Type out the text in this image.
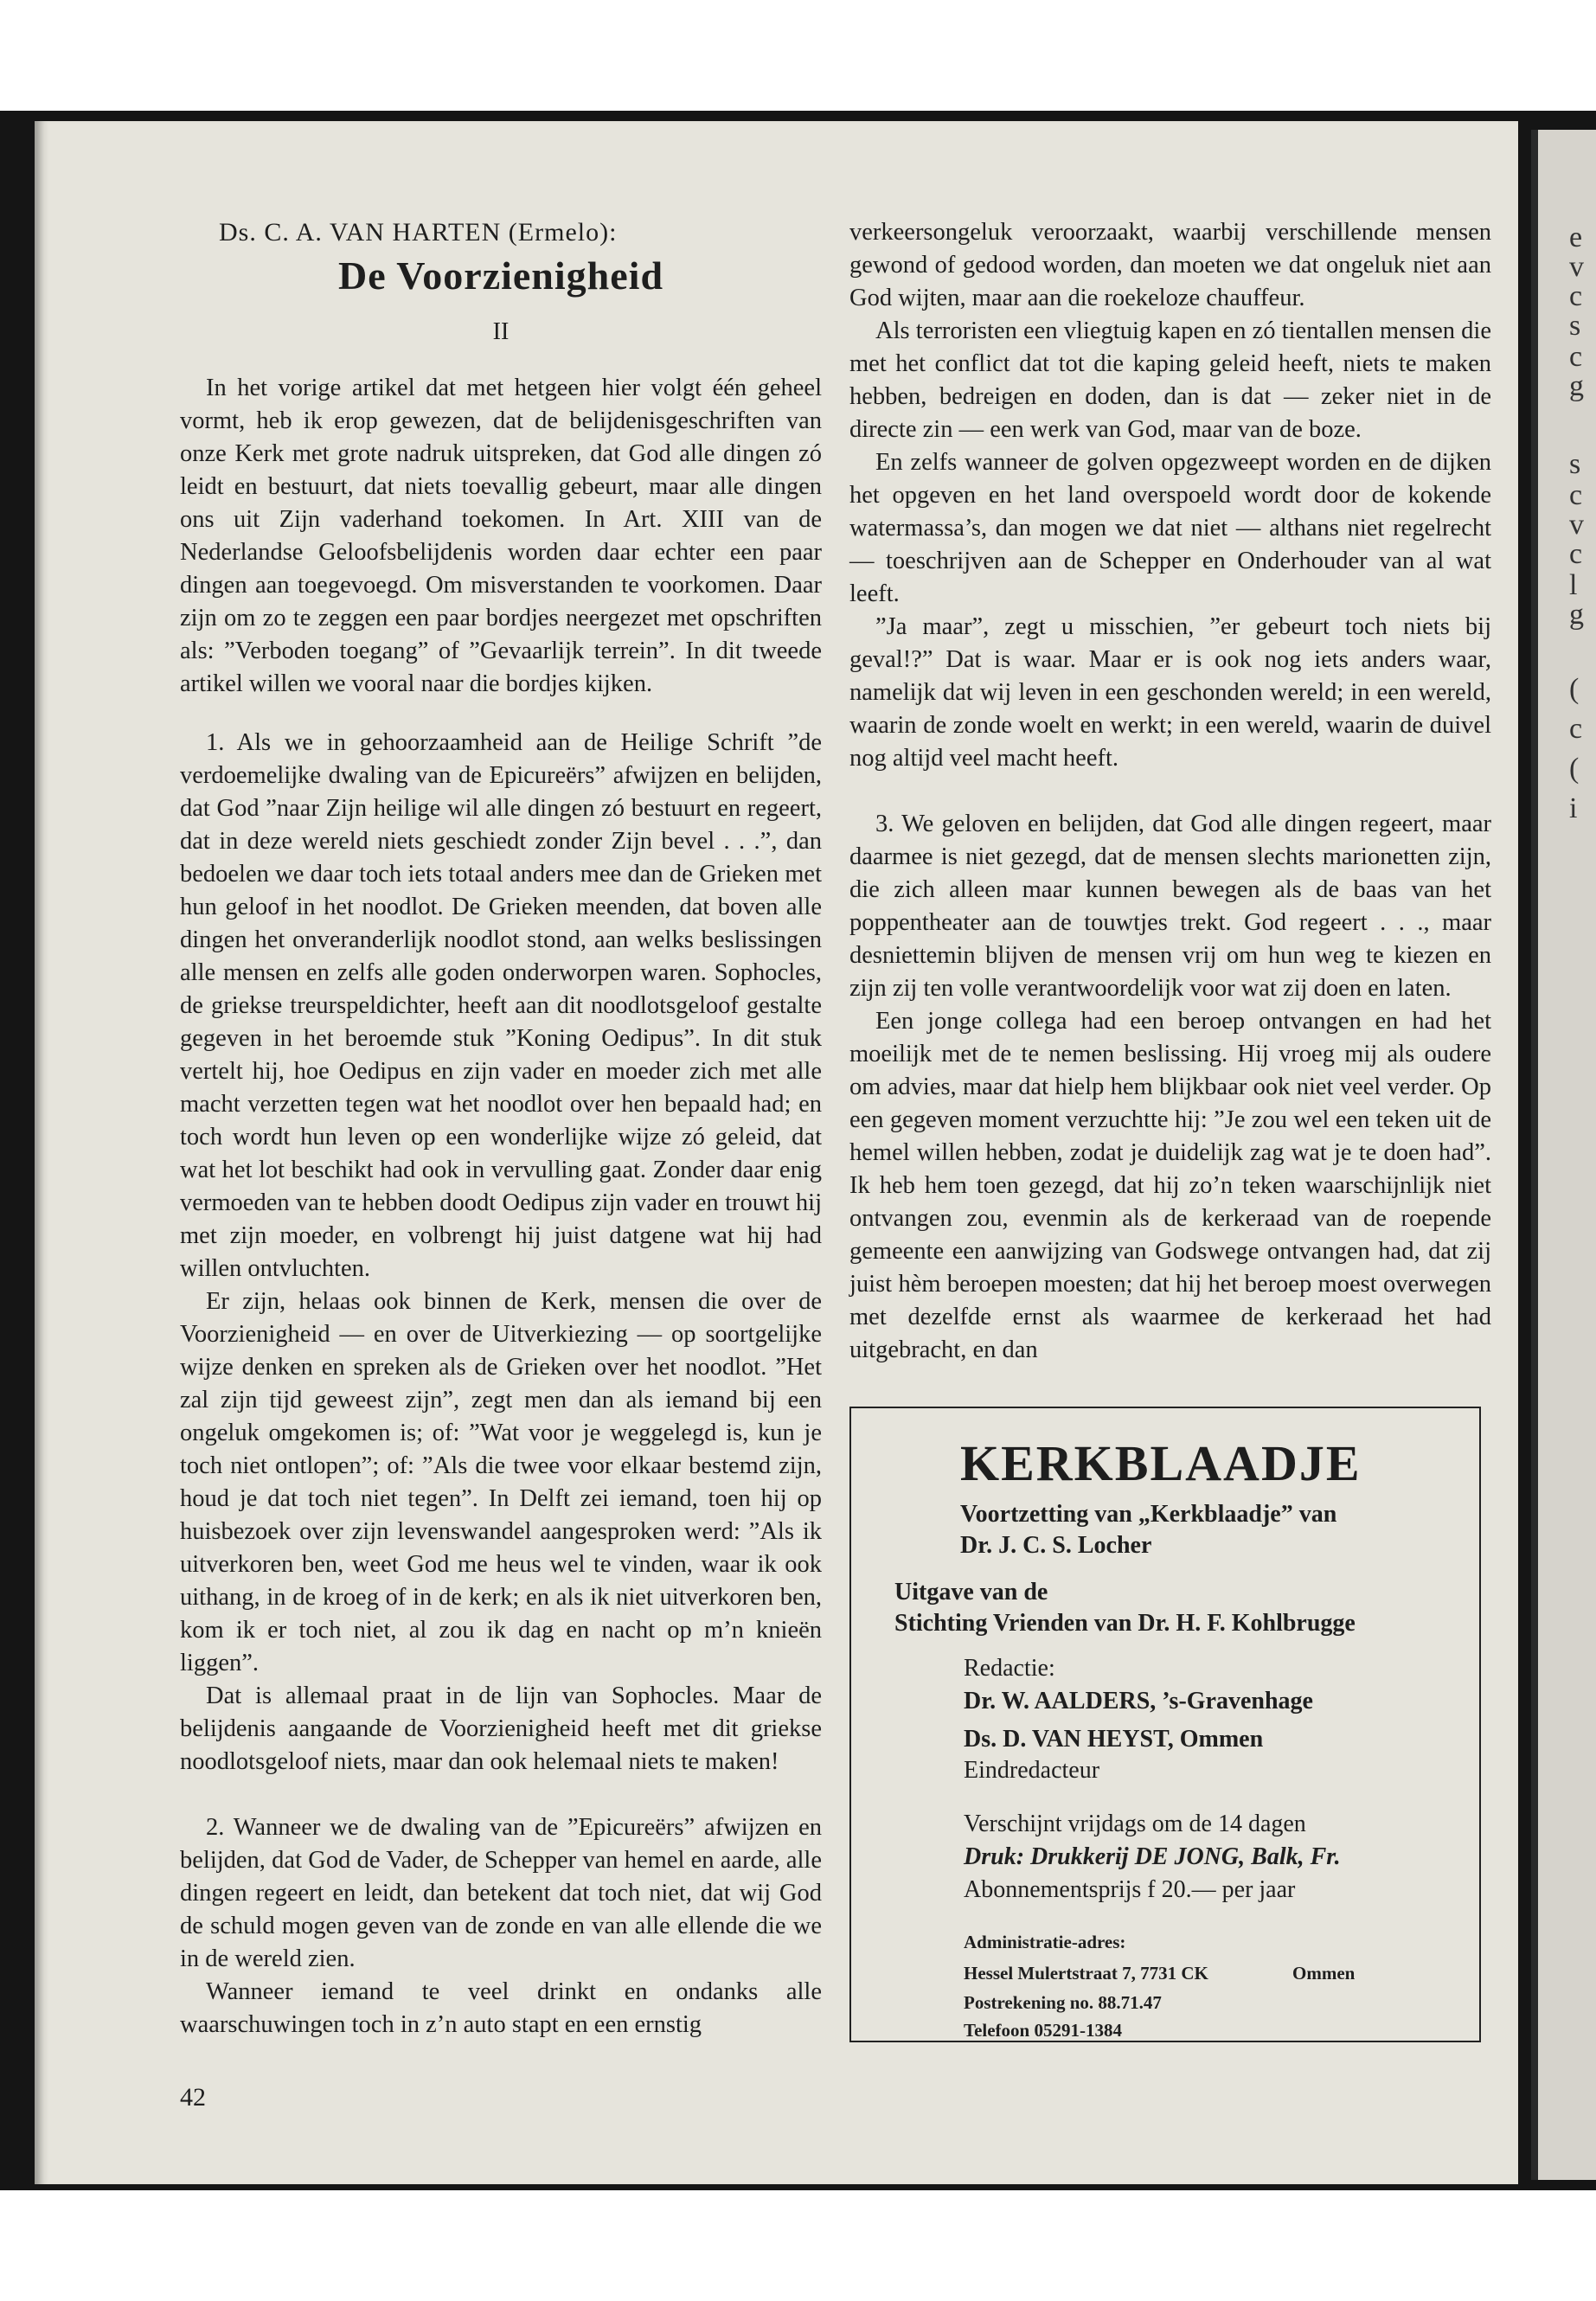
e
v
c
s
c
g
s
c
v
c
l
g
(
c
(
i
Ds. C. A. VAN HARTEN (Ermelo):
De Voorzienigheid
II

In het vorige artikel dat met hetgeen hier volgt één geheel vormt, heb ik erop gewezen, dat de belijdenisgeschriften van onze Kerk met grote nadruk uitspreken, dat God alle dingen zó leidt en bestuurt, dat niets toevallig gebeurt, maar alle dingen ons uit Zijn vaderhand toekomen. In Art. XIII van de Nederlandse Geloofsbelijdenis worden daar echter een paar dingen aan toegevoegd. Om misverstanden te voorkomen. Daar zijn om zo te zeggen een paar bordjes neergezet met opschriften als: ”Verboden toegang” of ”Gevaarlijk terrein”. In dit tweede artikel willen we vooral naar die bordjes kijken.

1. Als we in gehoorzaamheid aan de Heilige Schrift ”de verdoemelijke dwaling van de Epicureërs” afwijzen en belijden, dat God ”naar Zijn heilige wil alle dingen zó bestuurt en regeert, dat in deze wereld niets geschiedt zonder Zijn bevel . . .”, dan bedoelen we daar toch iets totaal anders mee dan de Grieken met hun geloof in het noodlot. De Grieken meenden, dat boven alle dingen het onveranderlijk noodlot stond, aan welks beslissingen alle mensen en zelfs alle goden onderworpen waren. Sophocles, de griekse treurspeldichter, heeft aan dit noodlotsgeloof gestalte gegeven in het beroemde stuk ”Koning Oedipus”. In dit stuk vertelt hij, hoe Oedipus en zijn vader en moeder zich met alle macht verzetten tegen wat het noodlot over hen bepaald had; en toch wordt hun leven op een wonderlijke wijze zó geleid, dat wat het lot beschikt had ook in vervulling gaat. Zonder daar enig vermoeden van te hebben doodt Oedipus zijn vader en trouwt hij met zijn moeder, en volbrengt hij juist datgene wat hij had willen ontvluchten.

Er zijn, helaas ook binnen de Kerk, mensen die over de Voorzienigheid — en over de Uitverkiezing — op soortgelijke wijze denken en spreken als de Grieken over het noodlot. ”Het zal zijn tijd geweest zijn”, zegt men dan als iemand bij een ongeluk omgekomen is; of: ”Wat voor je weggelegd is, kun je toch niet ontlopen”; of: ”Als die twee voor elkaar bestemd zijn, houd je dat toch niet tegen”. In Delft zei iemand, toen hij op huisbezoek over zijn levenswandel aangesproken werd: ”Als ik uitverkoren ben, weet God me heus wel te vinden, waar ik ook uithang, in de kroeg of in de kerk; en als ik niet uitverkoren ben, kom ik er toch niet, al zou ik dag en nacht op m’n knieën liggen”.

Dat is allemaal praat in de lijn van Sophocles. Maar de belijdenis aangaande de Voorzienigheid heeft met dit griekse noodlotsgeloof niets, maar dan ook helemaal niets te maken!

2. Wanneer we de dwaling van de ”Epicureërs” afwijzen en belijden, dat God de Vader, de Schepper van hemel en aarde, alle dingen regeert en leidt, dan betekent dat toch niet, dat wij God de schuld mogen geven van de zonde en van alle ellende die we in de wereld zien.

Wanneer iemand te veel drinkt en ondanks alle waarschuwingen toch in z’n auto stapt en een ernstig

42

verkeersongeluk veroorzaakt, waarbij verschillende mensen gewond of gedood worden, dan moeten we dat ongeluk niet aan God wijten, maar aan die roekeloze chauffeur.

Als terroristen een vliegtuig kapen en zó tientallen mensen die met het conflict dat tot die kaping geleid heeft, niets te maken hebben, bedreigen en doden, dan is dat — zeker niet in de directe zin — een werk van God, maar van de boze.

En zelfs wanneer de golven opgezweept worden en de dijken het opgeven en het land overspoeld wordt door de kokende watermassa’s, dan mogen we dat niet — althans niet regelrecht — toeschrijven aan de Schepper en Onderhouder van al wat leeft.

”Ja maar”, zegt u misschien, ”er gebeurt toch niets bij geval!?” Dat is waar. Maar er is ook nog iets anders waar, namelijk dat wij leven in een geschonden wereld; in een wereld, waarin de zonde woelt en werkt; in een wereld, waarin de duivel nog altijd veel macht heeft.

3. We geloven en belijden, dat God alle dingen regeert, maar daarmee is niet gezegd, dat de mensen slechts marionetten zijn, die zich alleen maar kunnen bewegen als de baas van het poppentheater aan de touwtjes trekt. God regeert . . ., maar desniettemin blijven de mensen vrij om hun weg te kiezen en zijn zij ten volle verantwoordelijk voor wat zij doen en laten.

Een jonge collega had een beroep ontvangen en had het moeilijk met de te nemen beslissing. Hij vroeg mij als oudere om advies, maar dat hielp hem blijkbaar ook niet veel verder. Op een gegeven moment verzuchtte hij: ”Je zou wel een teken uit de hemel willen hebben, zodat je duidelijk zag wat je te doen had”. Ik heb hem toen gezegd, dat hij zo’n teken waarschijnlijk niet ontvangen zou, evenmin als de kerkeraad van de roepende gemeente een aanwijzing van Godswege ontvangen had, dat zij juist hèm beroepen moesten; dat hij het beroep moest overwegen met dezelfde ernst als waarmee de kerkeraad het had uitgebracht, en dan

KERKBLAADJE
Voortzetting van „Kerkblaadje” van
Dr. J. C. S. Locher
Uitgave van de
Stichting Vrienden van Dr. H. F. Kohlbrugge
Redactie:
Dr. W. AALDERS, ’s-Gravenhage
Ds. D. VAN HEYST, Ommen
Eindredacteur
Verschijnt vrijdags om de 14 dagen
Druk: Drukkerij DE JONG, Balk, Fr.
Abonnementsprijs f 20.— per jaar
Administratie-adres:
Hessel Mulertstraat 7, 7731 CK	Ommen
Postrekening no. 88.71.47
Telefoon 05291-1384
